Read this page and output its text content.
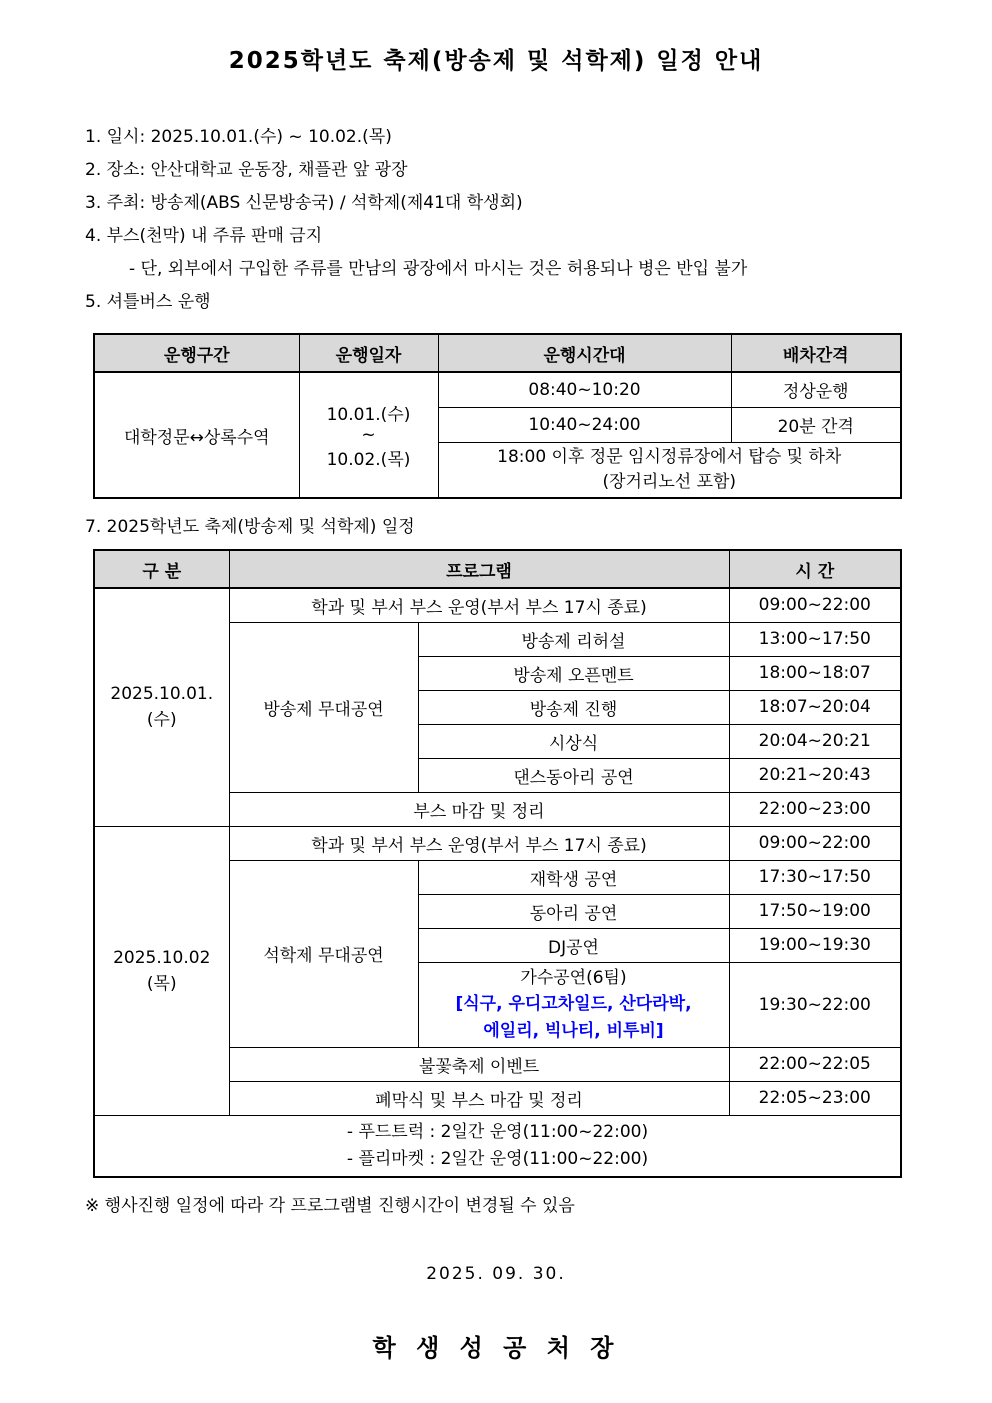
2025학년도 축제(방송제 및 석학제) 일정 안내
1. 일시: 2025.10.01.(수) ~ 10.02.(목)
2. 장소: 안산대학교 운동장, 채플관 앞 광장
3. 주최: 방송제(ABS 신문방송국) / 석학제(제41대 학생회)
4. 부스(천막) 내 주류 판매 금지
- 단, 외부에서 구입한 주류를 만남의 광장에서 마시는 것은 허용되나 병은 반입 불가
5. 셔틀버스 운행
운행구간	운행일자	운행시간대	배차간격
대학정문↔상록수역	10.01.(수)
~
10.02.(목)	08:40~10:20	정상운행
		10:40~24:00	20분 간격

		18:00 이후 정문 임시정류장에서 탑승 및 하차
(장거리노선 포함)	
7. 2025학년도 축제(방송제 및 석학제) 일정
구 분	프로그램		시 간

2025.10.01.
(수)	학과 및 부서 부스 운영(부서 부스 17시 종료)		09:00~22:00
	방송제 무대공연	방송제 리허설	13:00~17:50
		방송제 오픈멘트	18:00~18:07
		방송제 진행	18:07~20:04
		시상식	20:04~20:21
		댄스동아리 공연	20:21~20:43
	부스 마감 및 정리		22:00~23:00

2025.10.02
(목)	학과 및 부서 부스 운영(부서 부스 17시 종료)		09:00~22:00
	석학제 무대공연	재학생 공연	17:30~17:50
		동아리 공연	17:50~19:00
		DJ공연	19:00~19:30

		가수공연(6팀)
[식구, 우디고차일드, 산다라박,
에일리, 빅나티, 비투비]	19:30~22:00
	불꽃축제 이벤트		22:00~22:05
	폐막식 및 부스 마감 및 정리		22:05~23:00

- 푸드트럭 : 2일간 운영(11:00~22:00)
- 플리마켓 : 2일간 운영(11:00~22:00)			
※ 행사진행 일정에 따라 각 프로그램별 진행시간이 변경될 수 있음
2025. 09. 30.
학 생 성 공 처 장
